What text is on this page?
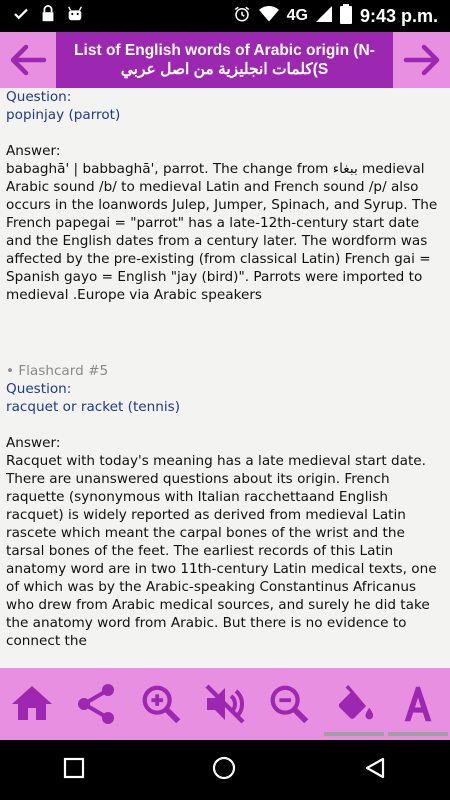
4G	9:43 p.m.
List of English words of Arabic origin (N-
كلمات انجليزية من اصل عربي(S

Question:

popinjay (parrot)

Answer:

babaghā' | babbaghā', parrot. The change from ببغاء medieval Arabic sound /b/ to medieval Latin and French sound /p/ also occurs in the loanwords Julep, Jumper, Spinach, and Syrup. The French papegai = "parrot" has a late-12th-century start date and the English dates from a century later. The wordform was affected by the pre-existing (from classical Latin) French gai = Spanish gayo = English "jay (bird)". Parrots were imported to medieval .Europe via Arabic speakers

• Flashcard #5

Question:

racquet or racket (tennis)

Answer:

Racquet with today's meaning has a late medieval start date. There are unanswered questions about its origin. French raquette (synonymous with Italian racchettaand English racquet) is widely reported as derived from medieval Latin rascete which meant the carpal bones of the wrist and the tarsal bones of the feet. The earliest records of this Latin anatomy word are in two 11th-century Latin medical texts, one of which was by the Arabic-speaking Constantinus Africanus who drew from Arabic medical sources, and surely he did take the anatomy word from Arabic. But there is no evidence to connect the
